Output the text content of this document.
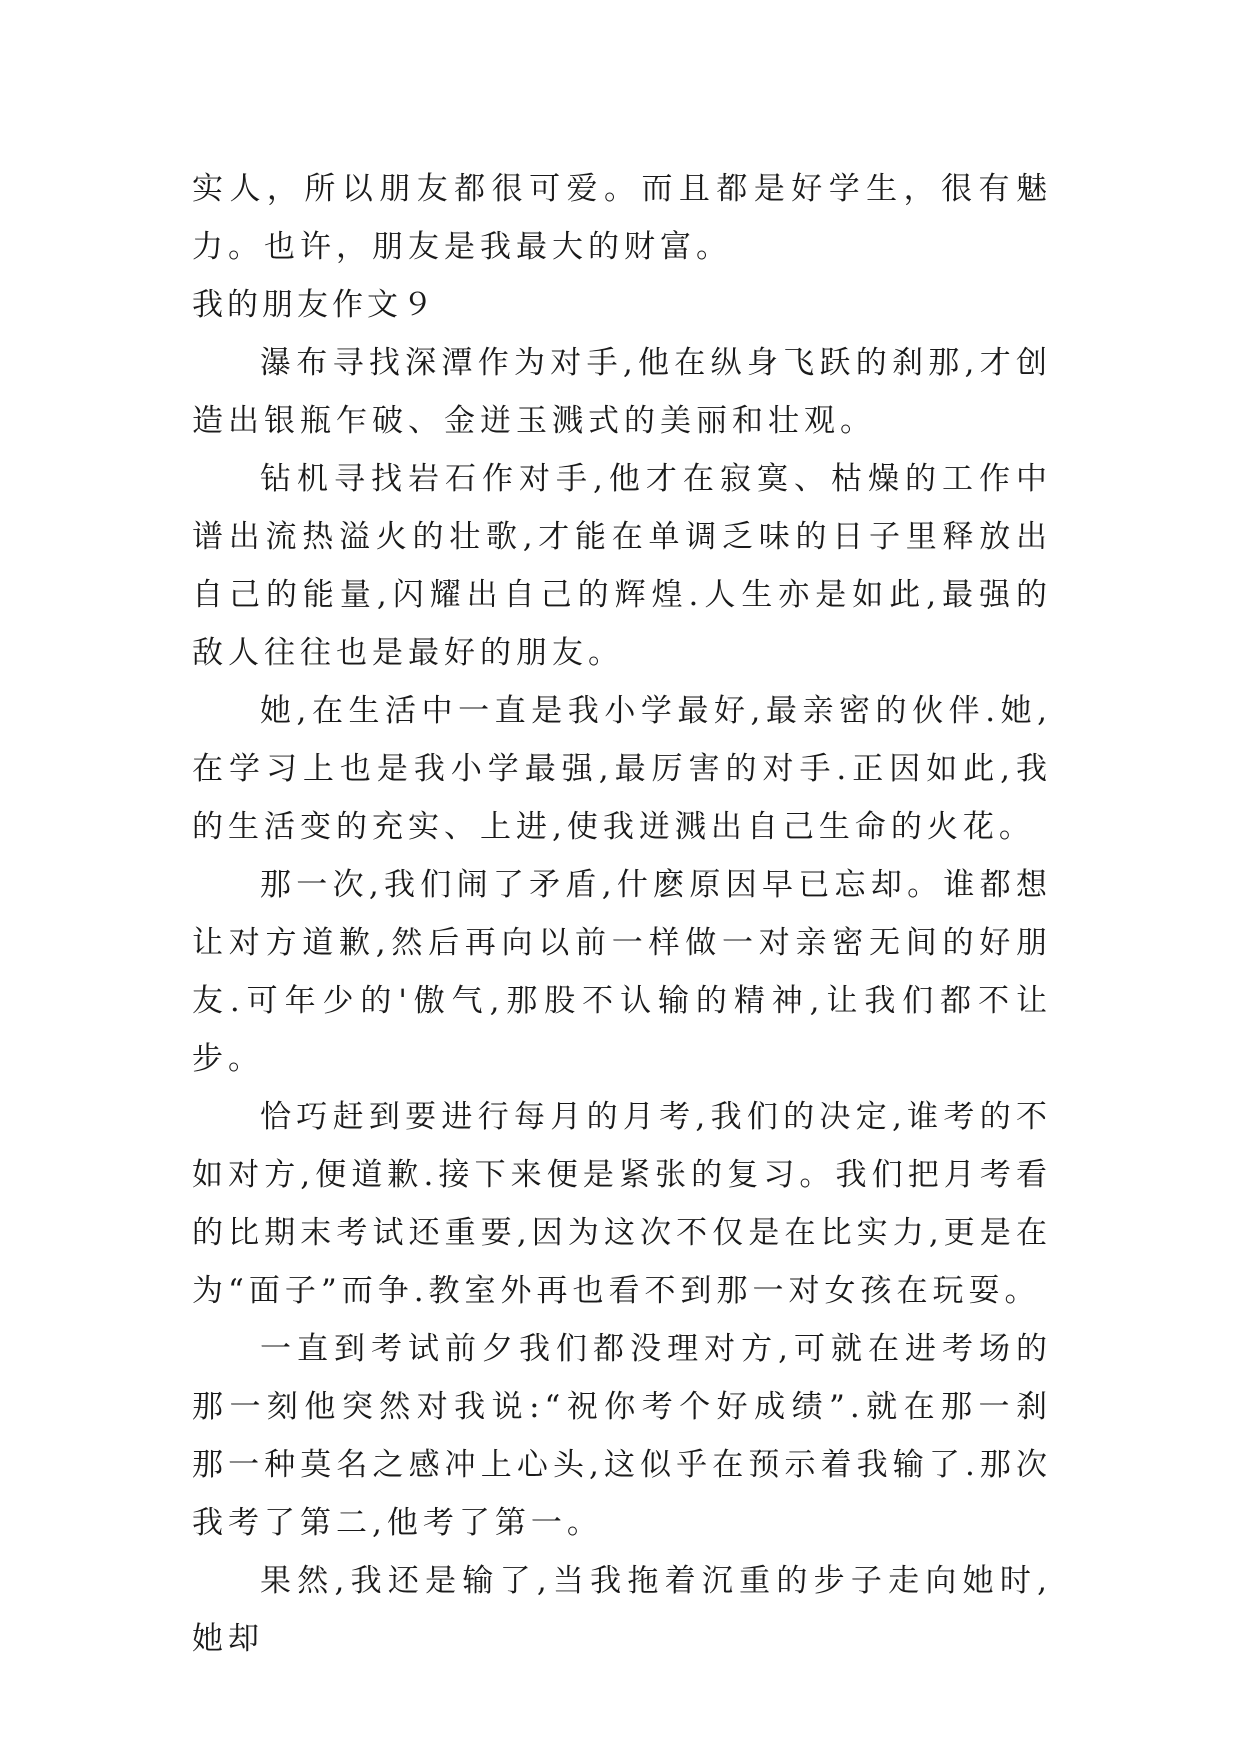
实人，所以朋友都很可爱。而且都是好学生，很有魅力。也许，朋友是我最大的财富。

我的朋友作文９

瀑布寻找深潭作为对手,他在纵身飞跃的刹那,才创造出银瓶乍破、金迸玉溅式的美丽和壮观。

钻机寻找岩石作对手,他才在寂寞、枯燥的工作中谱出流热溢火的壮歌,才能在单调乏味的日子里释放出自己的能量,闪耀出自己的辉煌.人生亦是如此,最强的敌人往往也是最好的朋友。

她,在生活中一直是我小学最好,最亲密的伙伴.她,在学习上也是我小学最强,最厉害的对手.正因如此,我的生活变的充实、上进,使我迸溅出自己生命的火花。

那一次,我们闹了矛盾,什麽原因早已忘却。谁都想让对方道歉,然后再向以前一样做一对亲密无间的好朋友.可年少的'傲气,那股不认输的精神,让我们都不让步。

恰巧赶到要进行每月的月考,我们的决定,谁考的不如对方,便道歉.接下来便是紧张的复习。我们把月考看的比期末考试还重要,因为这次不仅是在比实力,更是在为“面子”而争.教室外再也看不到那一对女孩在玩耍。

一直到考试前夕我们都没理对方,可就在进考场的那一刻他突然对我说:“祝你考个好成绩”.就在那一刹那一种莫名之感冲上心头,这似乎在预示着我输了.那次我考了第二,他考了第一。

果然,我还是输了,当我拖着沉重的步子走向她时,她却
